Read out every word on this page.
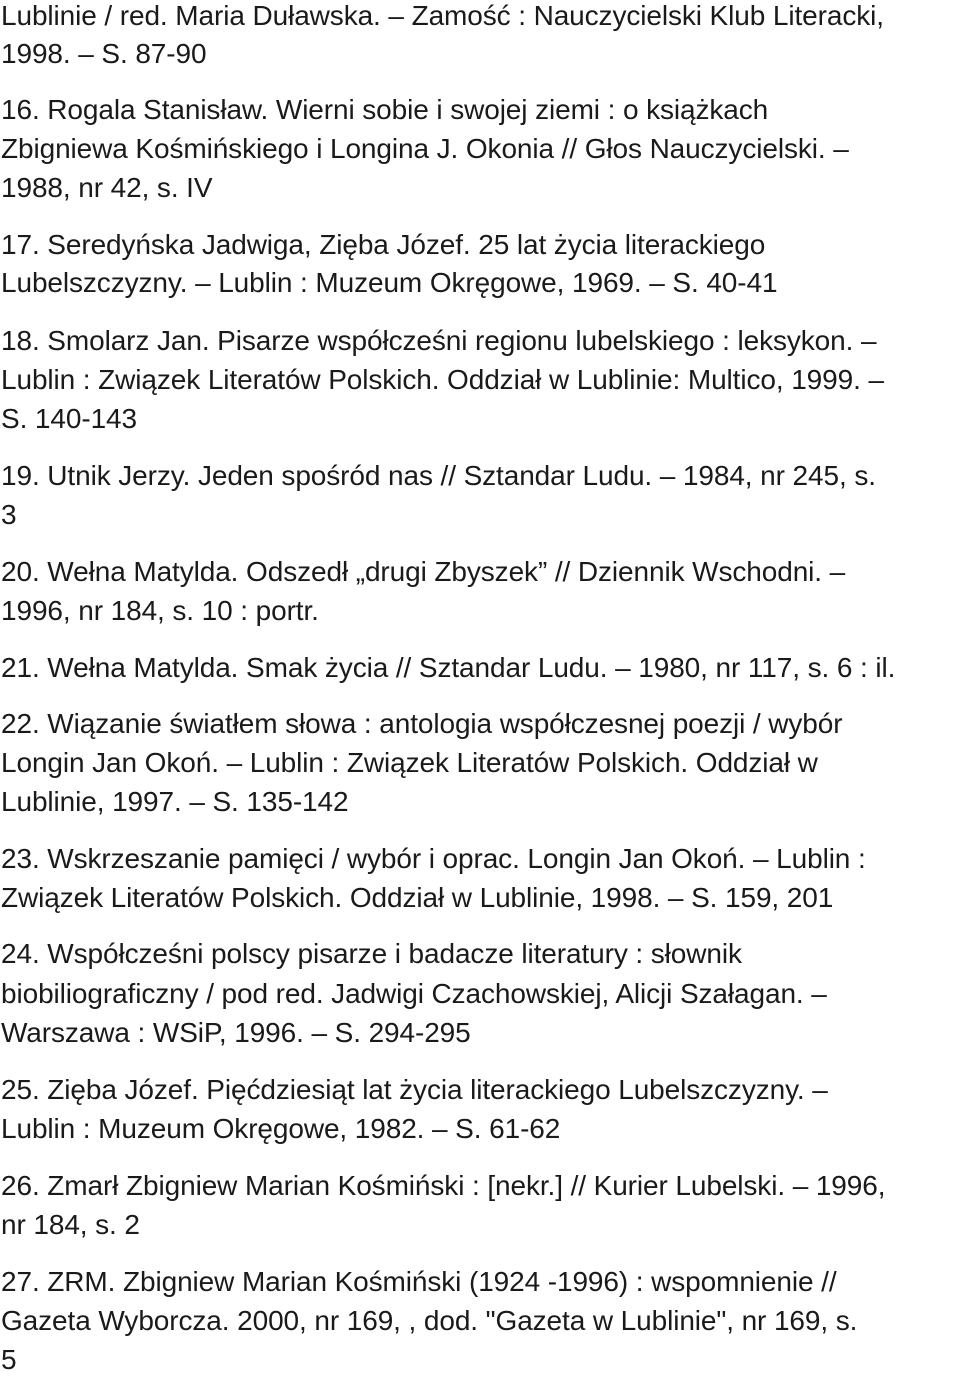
Lublinie / red. Maria Duławska. – Zamość : Nauczycielski Klub Literacki,
1998. – S. 87-90
16. Rogala Stanisław. Wierni sobie i swojej ziemi : o książkach
Zbigniewa Kośmińskiego i Longina J. Okonia // Głos Nauczycielski. –
1988, nr 42, s. IV
17. Seredyńska Jadwiga, Zięba Józef. 25 lat życia literackiego
Lubelszczyzny. – Lublin : Muzeum Okręgowe, 1969. – S. 40-41
18. Smolarz Jan. Pisarze współcześni regionu lubelskiego : leksykon. –
Lublin : Związek Literatów Polskich. Oddział w Lublinie: Multico, 1999. –
S. 140-143
19. Utnik Jerzy. Jeden spośród nas // Sztandar Ludu. – 1984, nr 245, s.
3
20. Wełna Matylda. Odszedł „drugi Zbyszek” // Dziennik Wschodni. –
1996, nr 184, s. 10 : portr.
21. Wełna Matylda. Smak życia // Sztandar Ludu. – 1980, nr 117, s. 6 : il.
22. Wiązanie światłem słowa : antologia współczesnej poezji / wybór
Longin Jan Okoń. – Lublin : Związek Literatów Polskich. Oddział w
Lublinie, 1997. – S. 135-142
23. Wskrzeszanie pamięci / wybór i oprac. Longin Jan Okoń. – Lublin :
Związek Literatów Polskich. Oddział w Lublinie, 1998. – S. 159, 201
24. Współcześni polscy pisarze i badacze literatury : słownik
biobiliograficzny / pod red. Jadwigi Czachowskiej, Alicji Szałagan. –
Warszawa : WSiP, 1996. – S. 294-295
25. Zięba Józef. Pięćdziesiąt lat życia literackiego Lubelszczyzny. –
Lublin : Muzeum Okręgowe, 1982. – S. 61-62
26. Zmarł Zbigniew Marian Kośmiński : [nekr.] // Kurier Lubelski. – 1996,
nr 184, s. 2
27. ZRM. Zbigniew Marian Kośmiński (1924 -1996) : wspomnienie //
Gazeta Wyborcza. 2000, nr 169, , dod. "Gazeta w Lublinie", nr 169, s.
5
